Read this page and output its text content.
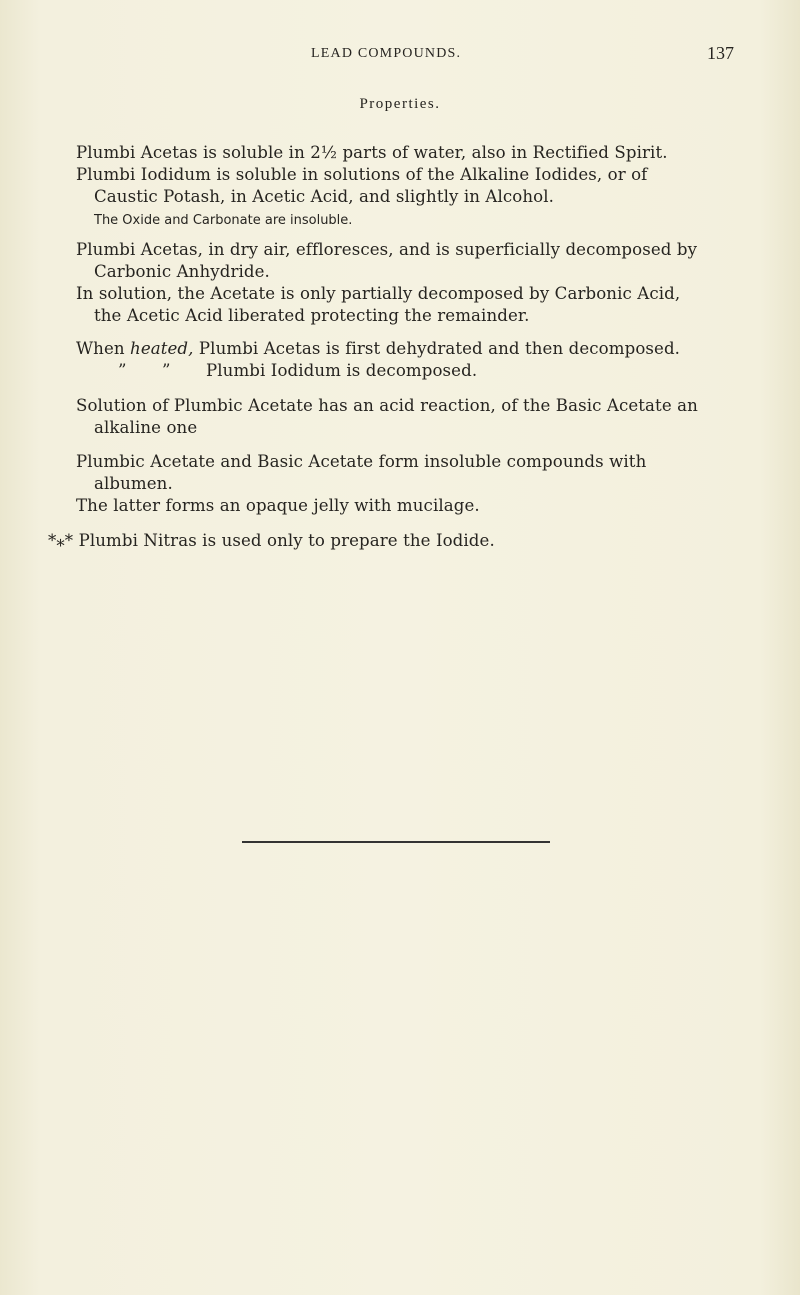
LEAD COMPOUNDS.	137
Properties.
Plumbi Acetas is soluble in 2½ parts of water, also in Rectified Spirit.
Plumbi Iodidum is soluble in solutions of the Alkaline Iodides, or of
Caustic Potash, in Acetic Acid, and slightly in Alcohol.
The Oxide and Carbonate are insoluble.
Plumbi Acetas, in dry air, effloresces, and is superficially decomposed by
Carbonic Anhydride.
In solution, the Acetate is only partially decomposed by Carbonic Acid,
the Acetic Acid liberated protecting the remainder.
When heated, Plumbi Acetas is first dehydrated and then decomposed.
” ” Plumbi Iodidum is decomposed.
Solution of Plumbic Acetate has an acid reaction, of the Basic Acetate an
alkaline one
Plumbic Acetate and Basic Acetate form insoluble compounds with
albumen.
The latter forms an opaque jelly with mucilage.
*⁎* Plumbi Nitras is used only to prepare the Iodide.
